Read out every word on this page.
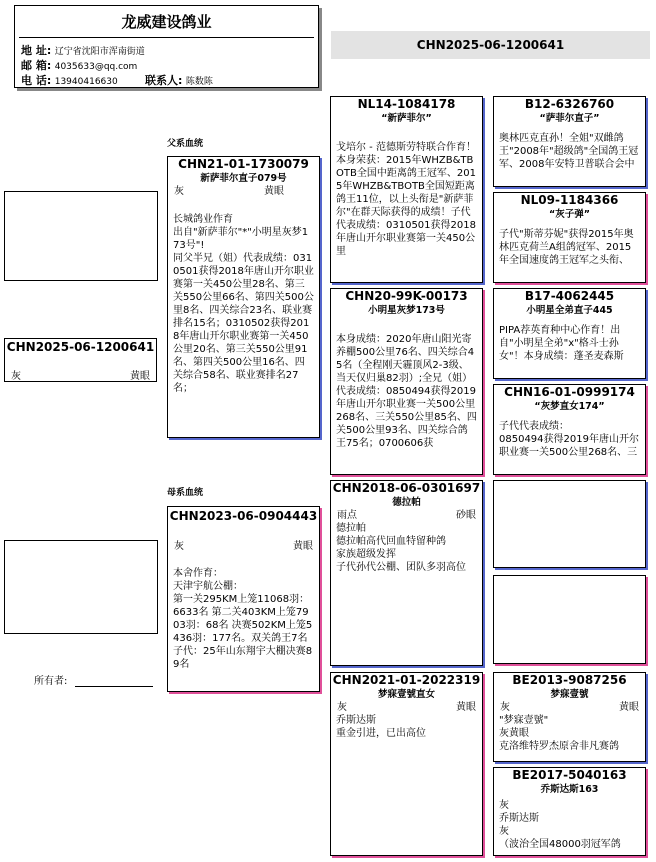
龙威建设鸽业
地 址: 辽宁省沈阳市浑南街道
邮 箱: 4035633@qq.com
电 话: 13940416630 联系人: 陈数陈
CHN2025-06-1200641
父系血统
母系血统
CHN2025-06-1200641
灰	黄眼
CHN21-01-1730079
新萨菲尔直子079号
灰	黄眼
长城鸽业作育
出自"新萨菲尔"*"小明星灰梦173号"!
同父半兄（姐）代表成绩：0310501获得2018年唐山开尔职业赛第一关450公里28名、第三关550公里66名、第四关500公里8名、四关综合23名、联业赛排名15名；0310502获得2018年唐山开尔职业赛第一关450公里20名、第三关550公里91名、第四关500公里16名、四关综合58名、联业赛排名27名；
CHN2023-06-0904443
灰	黄眼
本舍作育：
天津宇航公棚：
第一关295KM上笼11068羽：6633名 第二关403KM上笼7903羽：68名 决赛502KM上笼5436羽：177名。双关鸽王7名
子代：25年山东翔宇大棚决赛89名
NL14-1084178
“新萨菲尔”
戈培尔 - 范德斯劳特联合作育！本身荣获：2015年WHZB&TBOTB全国中距离鸽王冠军、2015年WHZB&TBOTB全国短距离鸽王11位，以上头衔是"新萨菲尔"在群天际获得的成绩！子代代表成绩：0310501获得2018年唐山开尔职业赛第一关450公里
CHN20-99K-00173
小明星灰梦173号
本身成绩：2020年唐山阳光寄养棚500公里76名、四关综合45名（全程刚天霾顶风2-3级、当天仅归巢82羽）;全兄（姐）代表成绩：0850494获得2019年唐山开尔职业赛一关500公里268名、三关550公里85名、四关500公里93名、四关综合鸽王75名；0700606获
CHN2018-06-0301697
德拉帕
雨点	砂眼
德拉帕
德拉帕高代回血特留种鸽
家族超级发挥
子代孙代公棚、团队多羽高位
CHN2021-01-2022319
梦寐壹號直女
灰	黄眼
乔斯达斯
重金引进，已出高位
B12-6326760
“萨菲尔直子”
奥林匹克直孙！全姐"双雌鸽王"2008年"超级鸽"全国鸽王冠军、2008年安特卫普联合会中
NL09-1184366
“灰子弹”
子代"斯蒂芬妮"获得2015年奥林匹克荷兰A组鸽冠军、2015年全国速度鸽王冠军之头衔、
B17-4062445
小明星全弟直子445
PIPA荐英育种中心作育！出自"小明星全弟"x"格斗士孙女"！本身成绩：蓬圣麦森斯
CHN16-01-0999174
“灰梦直女174”
子代代表成绩：
0850494获得2019年唐山开尔职业赛一关500公里268名、三
BE2013-9087256
梦寐壹號
灰	黄眼
"梦寐壹號"
灰黄眼
克洛维特罗杰原舍非凡赛鸽
BE2017-5040163
乔斯达斯163
灰
乔斯达斯
灰
（波治全国48000羽冠军鸽
所有者:
